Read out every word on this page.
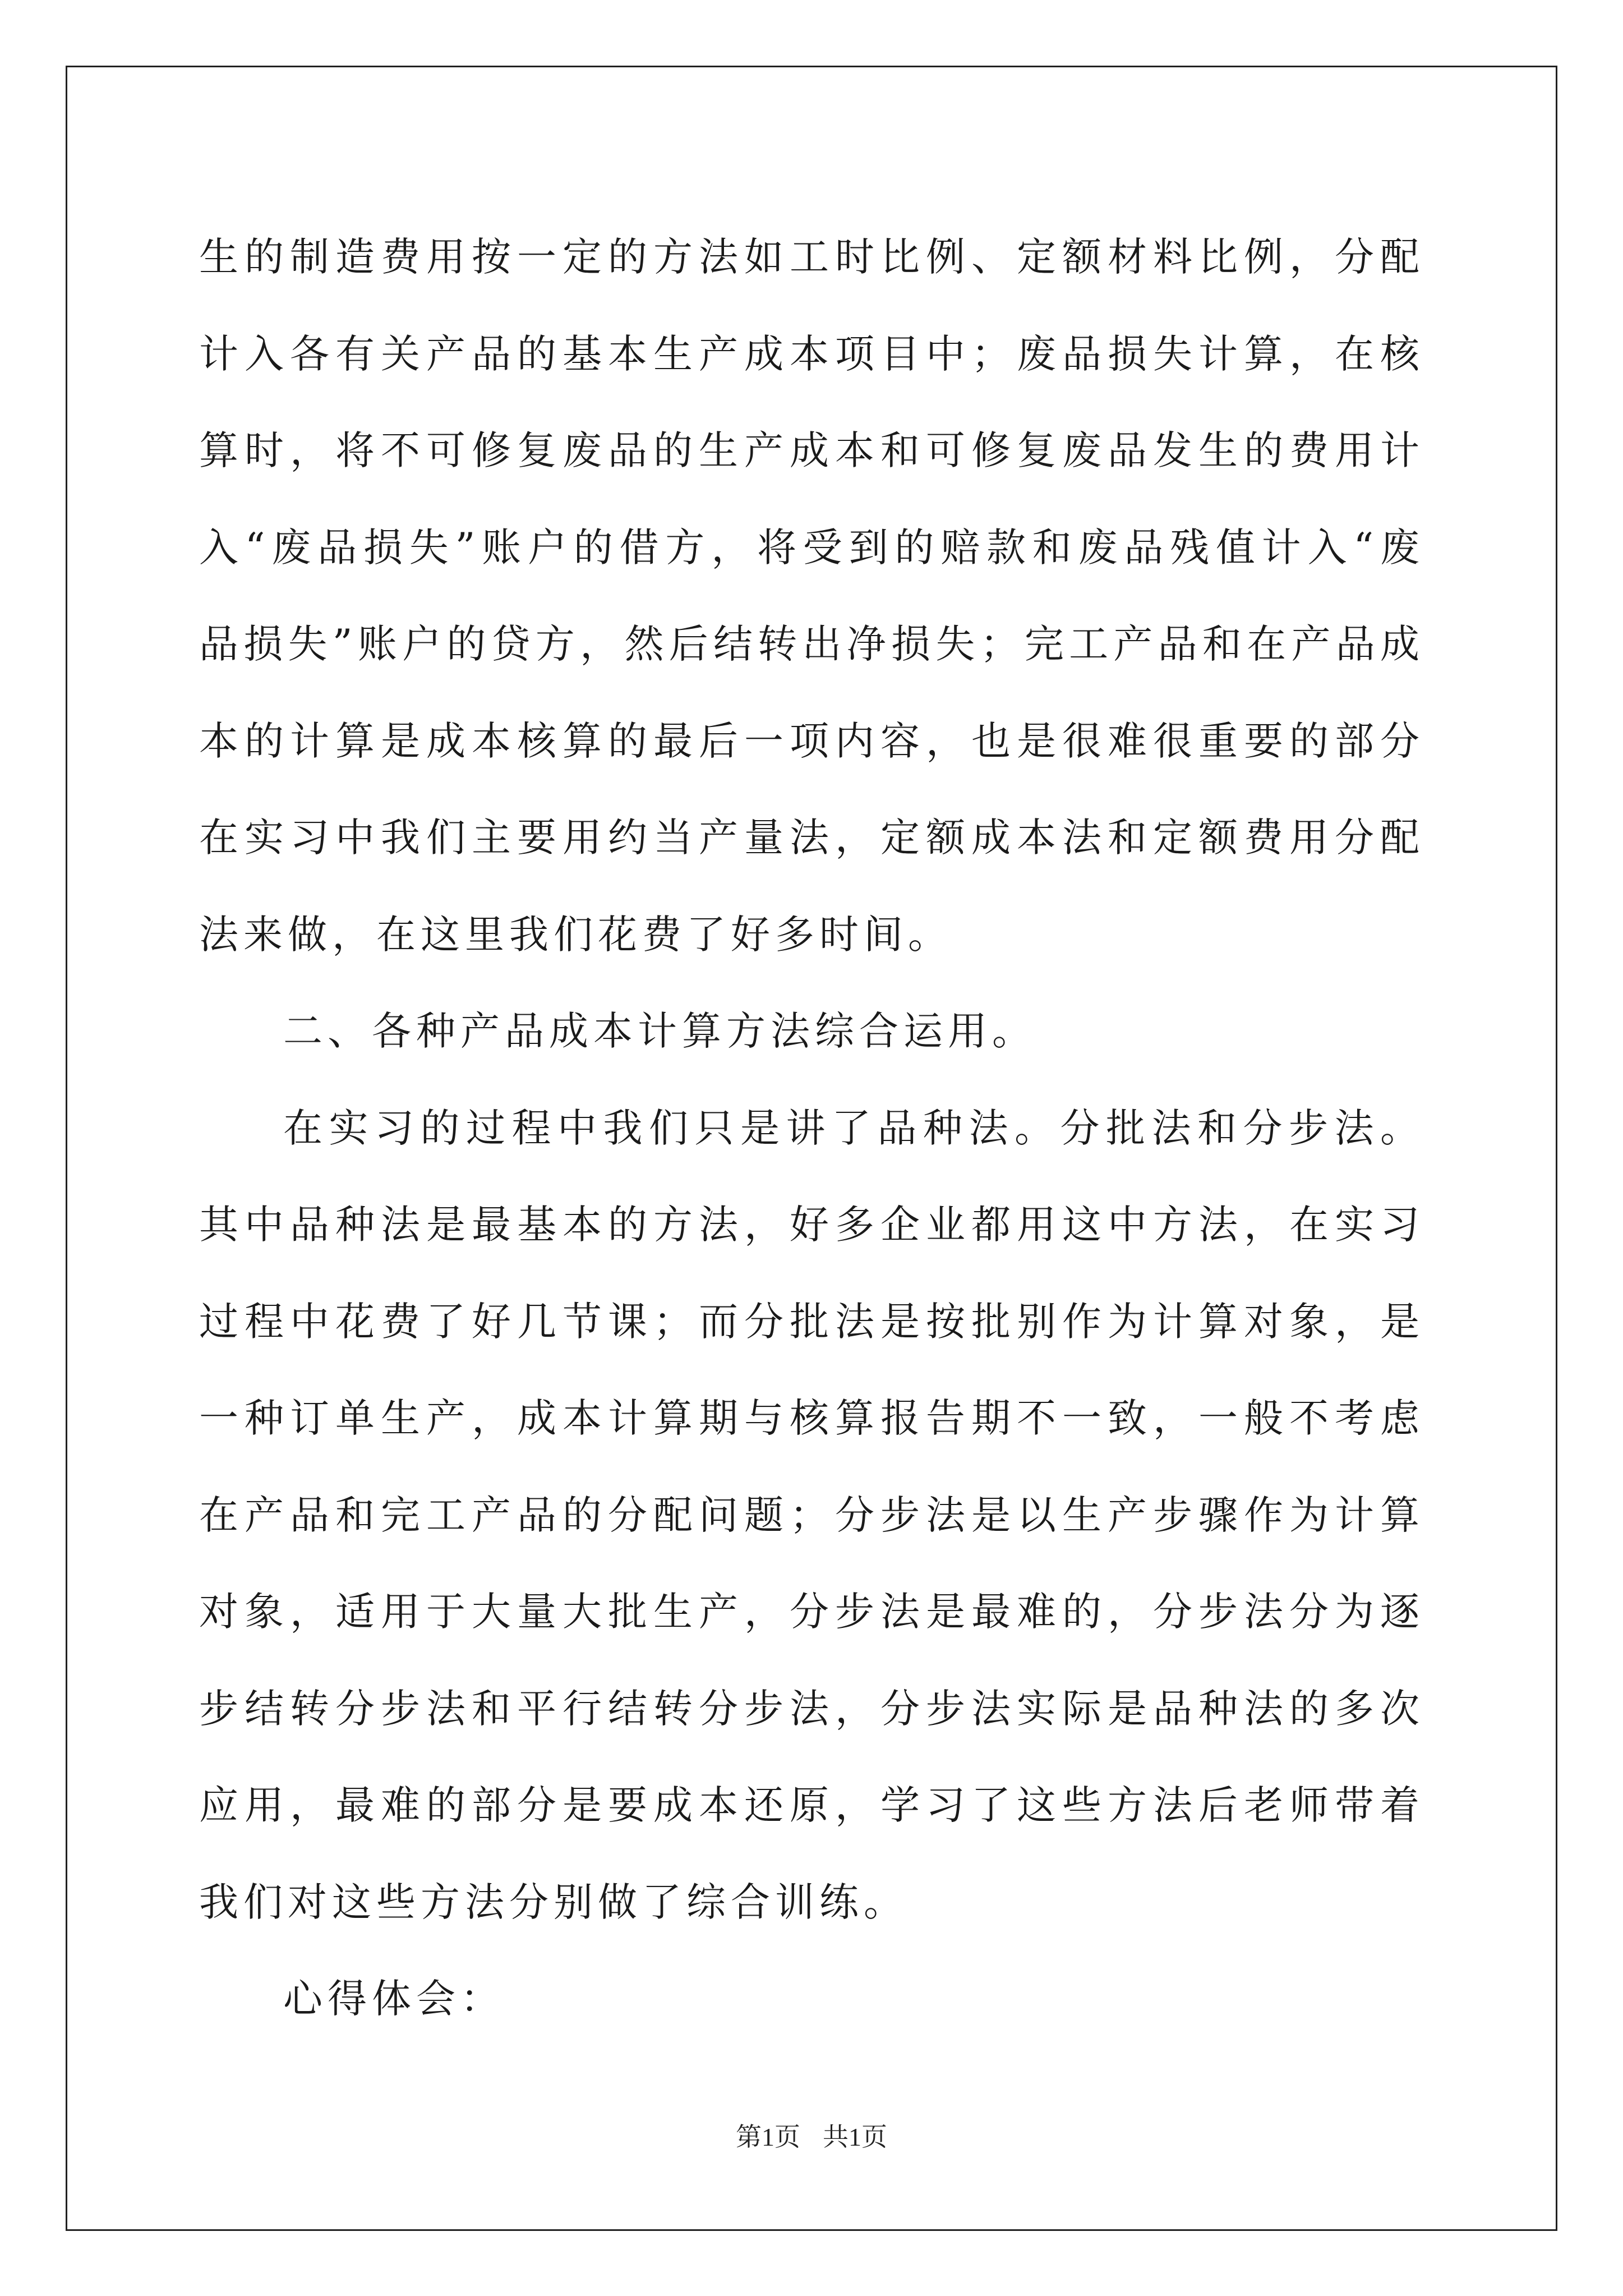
生的制造费用按一定的方法如工时比例、定额材料比例，分配计入各有关产品的基本生产成本项目中；废品损失计算，在核算时，将不可修复废品的生产成本和可修复废品发生的费用计入“废品损失”账户的借方，将受到的赔款和废品残值计入“废品损失”账户的贷方，然后结转出净损失；完工产品和在产品成本的计算是成本核算的最后一项内容，也是很难很重要的部分在实习中我们主要用约当产量法，定额成本法和定额费用分配法来做，在这里我们花费了好多时间。

二、各种产品成本计算方法综合运用。

在实习的过程中我们只是讲了品种法。分批法和分步法。其中品种法是最基本的方法，好多企业都用这中方法，在实习过程中花费了好几节课；而分批法是按批别作为计算对象，是一种订单生产，成本计算期与核算报告期不一致，一般不考虑在产品和完工产品的分配问题；分步法是以生产步骤作为计算对象，适用于大量大批生产，分步法是最难的，分步法分为逐步结转分步法和平行结转分步法，分步法实际是品种法的多次应用，最难的部分是要成本还原，学习了这些方法后老师带着我们对这些方法分别做了综合训练。

心得体会：

第1页 共1页
